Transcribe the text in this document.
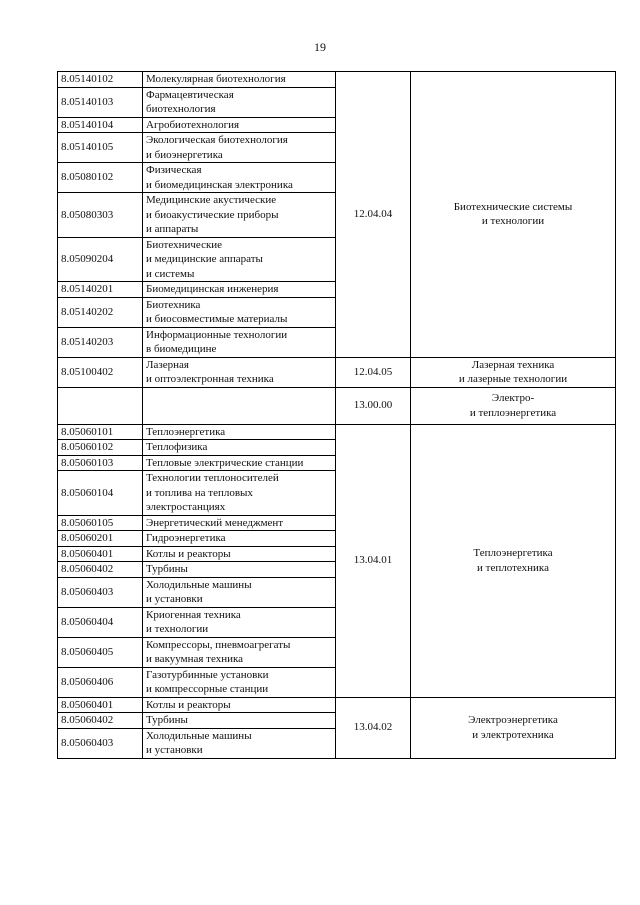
19
8.05140102	Молекулярная биотехнология	12.04.04	Биотехнические системы
и технологии
8.05140103	Фармацевтическая
биотехнология		
8.05140104	Агробиотехнология		
8.05140105	Экологическая биотехнология
и биоэнергетика		
8.05080102	Физическая
и биомедицинская электроника		
8.05080303	Медицинские акустические
и биоакустические приборы
и аппараты		
8.05090204	Биотехнические
и медицинские аппараты
и системы		
8.05140201	Биомедицинская инженерия		
8.05140202	Биотехника
и биосовместимые материалы		
8.05140203	Информационные технологии
в биомедицине		
8.05100402	Лазерная
и оптоэлектронная техника	12.04.05	Лазерная техника
и лазерные технологии
		13.00.00	Электро-
и теплоэнергетика
8.05060101	Теплоэнергетика	13.04.01	Теплоэнергетика
и теплотехника
8.05060102	Теплофизика		
8.05060103	Тепловые электрические станции		
8.05060104	Технологии теплоносителей
и топлива на тепловых
электростанциях		
8.05060105	Энергетический менеджмент		
8.05060201	Гидроэнергетика		
8.05060401	Котлы и реакторы		
8.05060402	Турбины		
8.05060403	Холодильные машины
и установки		
8.05060404	Криогенная техника
и технологии		
8.05060405	Компрессоры, пневмоагрегаты
и вакуумная техника		
8.05060406	Газотурбинные установки
и компрессорные станции		
8.05060401	Котлы и реакторы	13.04.02	Электроэнергетика
и электротехника
8.05060402	Турбины		
8.05060403	Холодильные машины
и установки		
